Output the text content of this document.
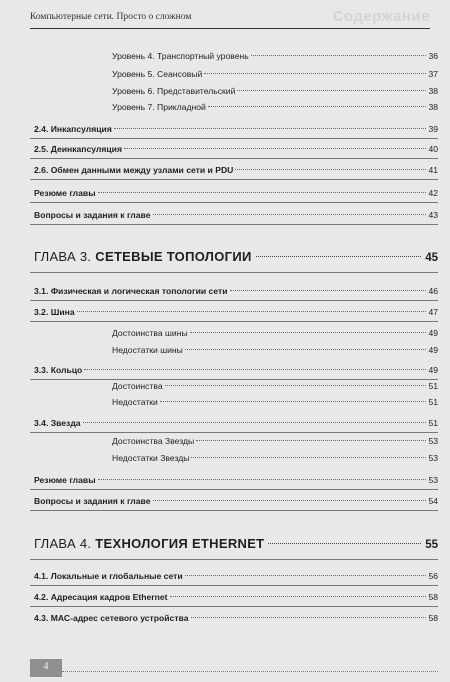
Компьютерные сети. Просто о сложном	Содержание
Уровень 4. Транспортный уровень	36
Уровень 5. Сеансовый	37
Уровень 6. Представительский	38
Уровень 7. Прикладной	38
2.4. Инкапсуляция	39
2.5. Деинкапсуляция	40
2.6. Обмен данными между узлами сети и PDU	41
Резюме главы	42
Вопросы и задания к главе	43
ГЛАВА 3. СЕТЕВЫЕ ТОПОЛОГИИ	45
3.1. Физическая и логическая топологии сети	46
3.2. Шина	47
Достоинства шины	49
Недостатки шины	49
3.3. Кольцо	49
Достоинства	51
Недостатки	51
3.4. Звезда	51
Достоинства Звезды	53
Недостатки Звезды	53
Резюме главы	53
Вопросы и задания к главе	54
ГЛАВА 4. ТЕХНОЛОГИЯ ETHERNET	55
4.1. Локальные и глобальные сети	56
4.2. Адресация кадров Ethernet	58
4.3. МАС-адрес сетевого устройства	58
4
